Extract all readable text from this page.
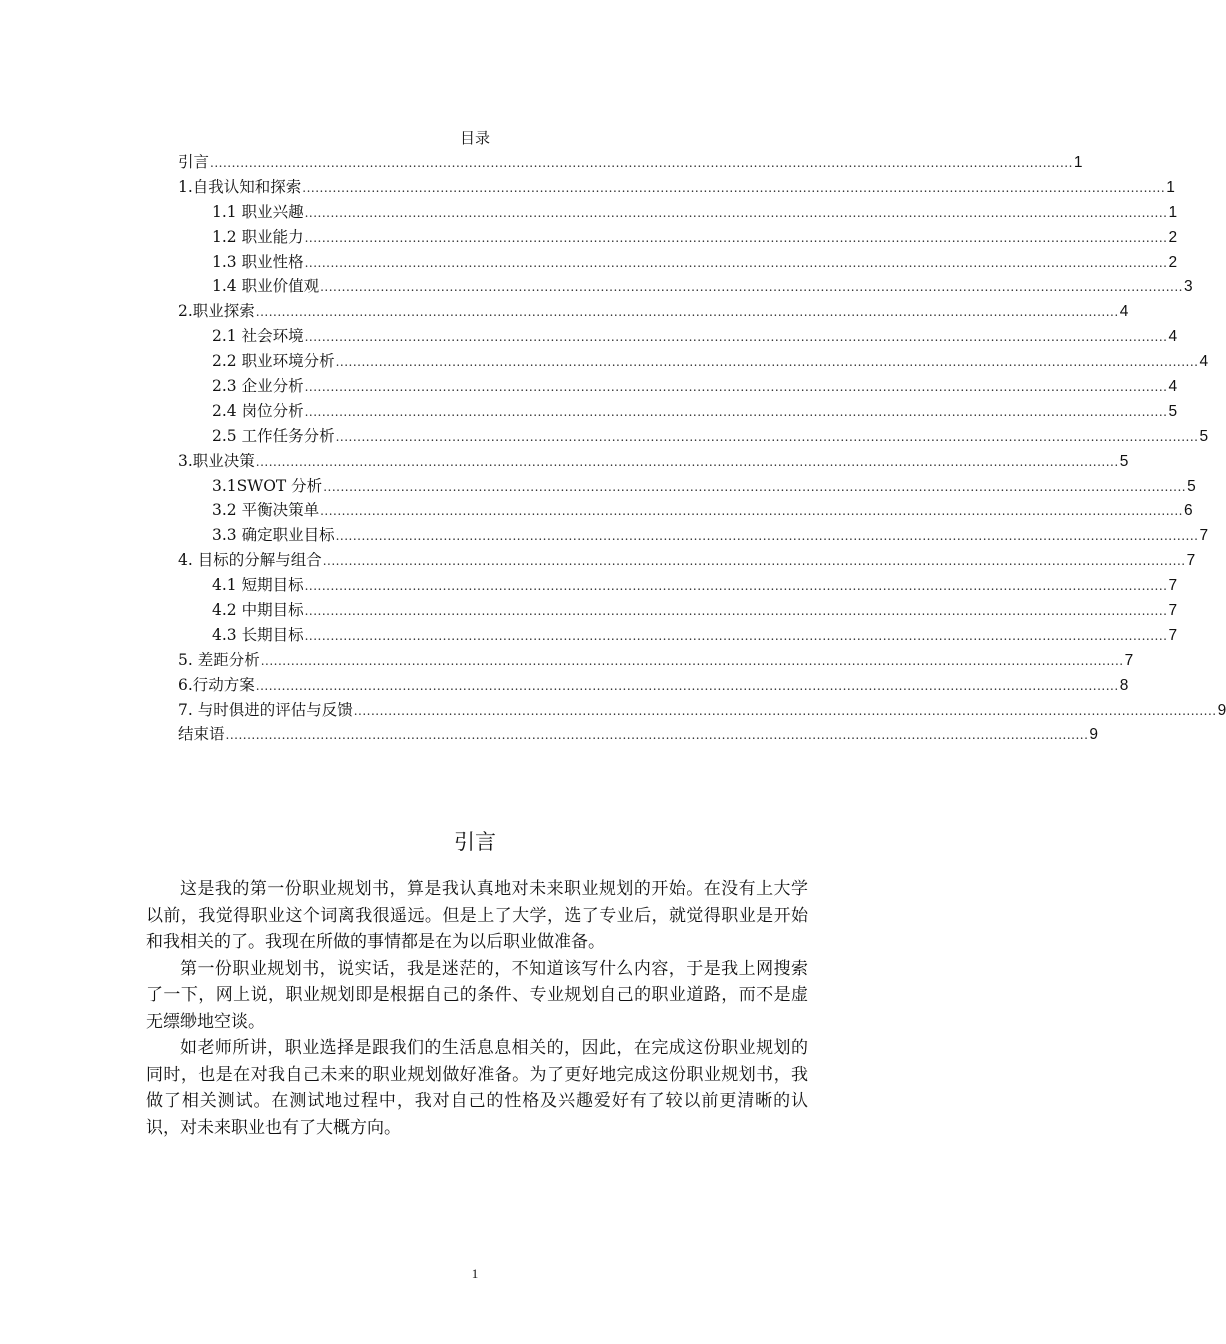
目录
引言 ........................................................................................................................................................................................................ 1
1.自我认知和探索 ........................................................................................................................................................................................................ 1
1.1 职业兴趣 ........................................................................................................................................................................................................ 1
1.2 职业能力 ........................................................................................................................................................................................................ 2
1.3 职业性格 ........................................................................................................................................................................................................ 2
1.4 职业价值观 ........................................................................................................................................................................................................ 3
2.职业探索 ........................................................................................................................................................................................................ 4
2.1 社会环境 ........................................................................................................................................................................................................ 4
2.2 职业环境分析 ........................................................................................................................................................................................................ 4
2.3 企业分析 ........................................................................................................................................................................................................ 4
2.4 岗位分析 ........................................................................................................................................................................................................ 5
2.5 工作任务分析 ........................................................................................................................................................................................................ 5
3.职业决策 ........................................................................................................................................................................................................ 5
3.1SWOT 分析 ........................................................................................................................................................................................................ 5
3.2 平衡决策单 ........................................................................................................................................................................................................ 6
3.3 确定职业目标 ........................................................................................................................................................................................................ 7
4. 目标的分解与组合 ........................................................................................................................................................................................................ 7
4.1 短期目标 ........................................................................................................................................................................................................ 7
4.2 中期目标 ........................................................................................................................................................................................................ 7
4.3 长期目标 ........................................................................................................................................................................................................ 7
5. 差距分析 ........................................................................................................................................................................................................ 7
6.行动方案 ........................................................................................................................................................................................................ 8
7. 与时俱进的评估与反馈 ........................................................................................................................................................................................................ 9
结束语 ........................................................................................................................................................................................................ 9
引言

这是我的第一份职业规划书，算是我认真地对未来职业规划的开始。在没有上大学以前，我觉得职业这个词离我很遥远。但是上了大学，选了专业后，就觉得职业是开始和我相关的了。我现在所做的事情都是在为以后职业做准备。

第一份职业规划书，说实话，我是迷茫的，不知道该写什么内容，于是我上网搜索了一下，网上说，职业规划即是根据自己的条件、专业规划自己的职业道路，而不是虚无缥缈地空谈。

如老师所讲，职业选择是跟我们的生活息息相关的，因此，在完成这份职业规划的同时，也是在对我自己未来的职业规划做好准备。为了更好地完成这份职业规划书，我做了相关测试。在测试地过程中，我对自己的性格及兴趣爱好有了较以前更清晰的认识，对未来职业也有了大概方向。

1
